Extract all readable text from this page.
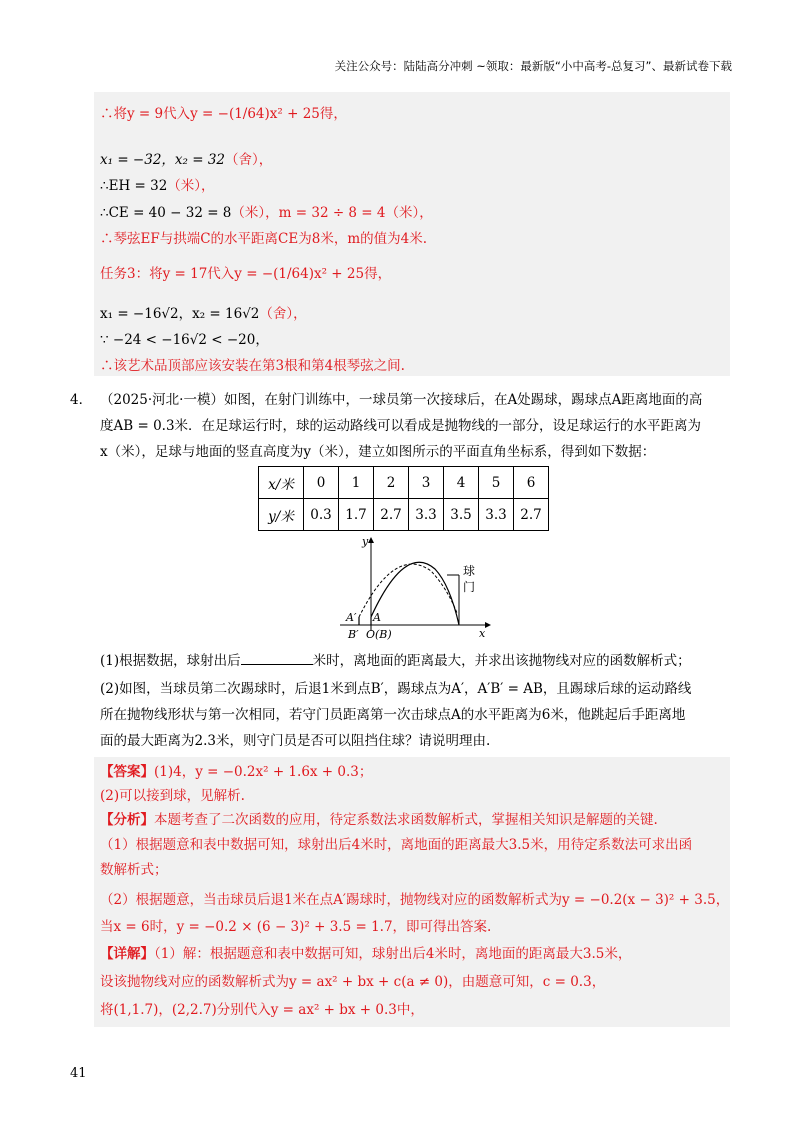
关注公众号：陆陆高分冲刺 ~领取：最新版“小中高考-总复习”、最新试卷下载
∴将y = 9代入y = −(1/64)x² + 25得，
x₁ = −32，x₂ = 32（舍），
∴EH = 32（米），
∴CE = 40 − 32 = 8（米），m = 32 ÷ 8 = 4（米），
∴琴弦EF与拱端C的水平距离CE为8米，m的值为4米.
任务3：将y = 17代入y = −(1/64)x² + 25得，
x₁ = −16√2，x₂ = 16√2（舍），
∵ −24 < −16√2 < −20，
∴该艺术品顶部应该安装在第3根和第4根琴弦之间.
4． （2025·河北·一模）如图，在射门训练中，一球员第一次接球后，在A处踢球，踢球点A距离地面的高
度AB = 0.3米．在足球运行时，球的运动路线可以看成是抛物线的一部分，设足球运行的水平距离为
x（米），足球与地面的竖直高度为y（米），建立如图所示的平面直角坐标系，得到如下数据：
x/米	0	1	2	3	4	5	6
y/米	0.3	1.7	2.7	3.3	3.5	3.3	2.7
y
x
球
门
A′ A
B′ O(B)
(1)根据数据，球射出后	米时，离地面的距离最大，并求出该抛物线对应的函数解析式；
(2)如图，当球员第二次踢球时，后退1米到点B′，踢球点为A′，A′B′ = AB，且踢球后球的运动路线
所在抛物线形状与第一次相同，若守门员距离第一次击球点A的水平距离为6米，他跳起后手距离地
面的最大距离为2.3米，则守门员是否可以阻挡住球？请说明理由.
【答案】(1)4，y = −0.2x² + 1.6x + 0.3；
(2)可以接到球，见解析.
【分析】本题考查了二次函数的应用，待定系数法求函数解析式，掌握相关知识是解题的关键.
（1）根据题意和表中数据可知，球射出后4米时，离地面的距离最大3.5米，用待定系数法可求出函
数解析式；
（2）根据题意，当击球员后退1米在点A′踢球时，抛物线对应的函数解析式为y = −0.2(x − 3)² + 3.5，
当x = 6时，y = −0.2 × (6 − 3)² + 3.5 = 1.7，即可得出答案.
【详解】（1）解：根据题意和表中数据可知，球射出后4米时，离地面的距离最大3.5米，
设该抛物线对应的函数解析式为y = ax² + bx + c(a ≠ 0)，由题意可知，c = 0.3，
将(1,1.7)，(2,2.7)分别代入y = ax² + bx + 0.3中，
41
